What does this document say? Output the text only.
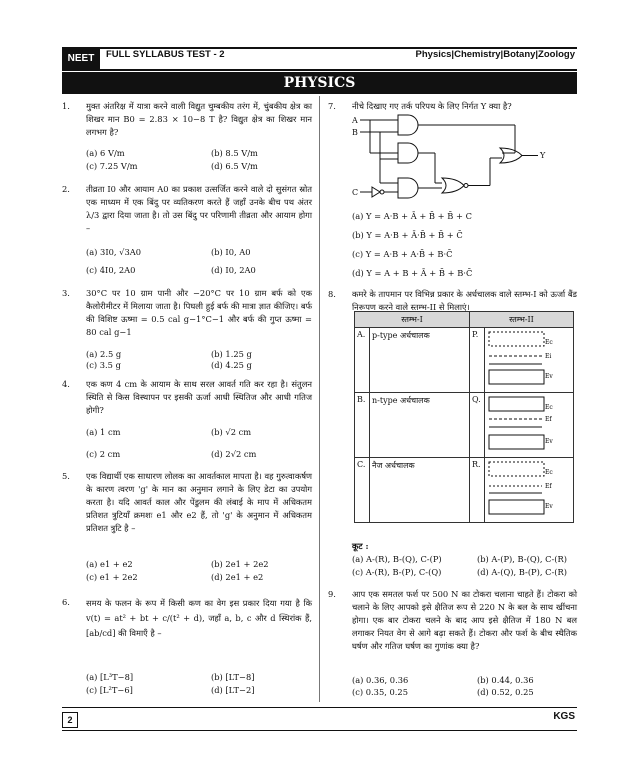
NEET	FULL SYLLABUS TEST - 2	Physics|Chemistry|Botany|Zoology
PHYSICS
1. मुक्त अंतरिक्ष में यात्रा करने वाली विद्युत चुम्बकीय तरंग में, चुंबकीय क्षेत्र का शिखर मान B0 = 2.83 × 10−8 T है? विद्युत क्षेत्र का शिखर मान लगभग है?
(a) 6 V/m	(b) 8.5 V/m
(c) 7.25 V/m	(d) 6.5 V/m
2. तीव्रता I0 और आयाम A0 का प्रकाश उत्सर्जित करने वाले दो सुसंगत स्रोत एक माध्यम में एक बिंदु पर व्यतिकरण करते हैं जहाँ उनके बीच पथ अंतर λ/3 द्वारा दिया जाता है। तो उस बिंदु पर परिणामी तीव्रता और आयाम होगा –
(a) 3I0, √3A0	(b) I0, A0
(c) 4I0, 2A0	(d) I0, 2A0
3. 30°C पर 10 ग्राम पानी और −20°C पर 10 ग्राम बर्फ को एक कैलोरीमीटर में मिलाया जाता है। पिघली हुई बर्फ की मात्रा ज्ञात कीजिए। बर्फ की विशिष्ट ऊष्मा = 0.5 cal g−1°C−1 और बर्फ की गुप्त ऊष्मा = 80 cal g−1
(a) 2.5 g	(b) 1.25 g
(c) 3.5 g	(d) 4.25 g
4. एक कण 4 cm के आयाम के साथ सरल आवर्त गति कर रहा है। संतुलन स्थिति से किस विस्थापन पर इसकी ऊर्जा आधी स्थितिज और आधी गतिज होगी?
(a) 1 cm	(b) √2 cm
(c) 2 cm	(d) 2√2 cm
5. एक विद्यार्थी एक साधारण लोलक का आवर्तकाल मापता है। वह गुरुत्वाकर्षण के कारण त्वरण 'g' के मान का अनुमान लगाने के लिए डेटा का उपयोग करता है। यदि आवर्त काल और पेंडुलम की लंबाई के माप में अधिकतम प्रतिशत त्रुटियाँ क्रमशः e1 और e2 हैं, तो 'g' के अनुमान में अधिकतम प्रतिशत त्रुटि है –
(a) e1 + e2	(b) 2e1 + 2e2
(c) e1 + 2e2	(d) 2e1 + e2
6. समय के फलन के रूप में किसी कण का वेग इस प्रकार दिया गया है कि v(t) = at² + bt + c/(t² + d), जहाँ a, b, c और d स्थिरांक हैं, [ab/cd] की विमाएँ है –
(a) [L³T−8]	(b) [LT−8]
(c) [L²T−6]	(d) [LT−2]
7. नीचे दिखाए गए तर्क परिपथ के लिए निर्गत Y क्या है?
(a) Y = A·B + Ā + B̄ + B̄ + C
(b) Y = A·B + Ā·B̄ + B̄ + C̄
(c) Y = A·B + A·B̄ + B·C̄
(d) Y = A + B + Ā + B̄ + B·C̄
A
B
C
Y
8. कमरे के तापमान पर विभिन्न प्रकार के अर्धचालक वाले स्तम्भ-I को ऊर्जा बैंड निरूपण करने वाले स्तम्भ-II से मिलाएं।
स्तम्भ-I		स्तम्भ-II	
A.	p-type अर्धचालक	P.	Ec
Ei
Ev

B.	n-type अर्धचालक	Q.	Ec
Ef
Ev

C.	नैज अर्धचालक	R.	Ec
Ef
Ev
कूट :
(a) A-(R), B-(Q), C-(P)	(b) A-(P), B-(Q), C-(R)
(c) A-(R), B-(P), C-(Q)	(d) A-(Q), B-(P), C-(R)
9. आप एक समतल फर्श पर 500 N का टोकरा चलाना चाहते हैं। टोकरा को चलाने के लिए आपको इसे क्षैतिज रूप से 220 N के बल के साथ खींचना होगा। एक बार टोकरा चलने के बाद आप इसे क्षैतिज में 180 N बल लगाकर नियत वेग से आगे बढ़ा सकते हैं। टोकरा और फर्श के बीच स्थैतिक घर्षण और गतिज घर्षण का गुणांक क्या है?
(a) 0.36, 0.36	(b) 0.44, 0.36
(c) 0.35, 0.25	(d) 0.52, 0.25
2	KGS
